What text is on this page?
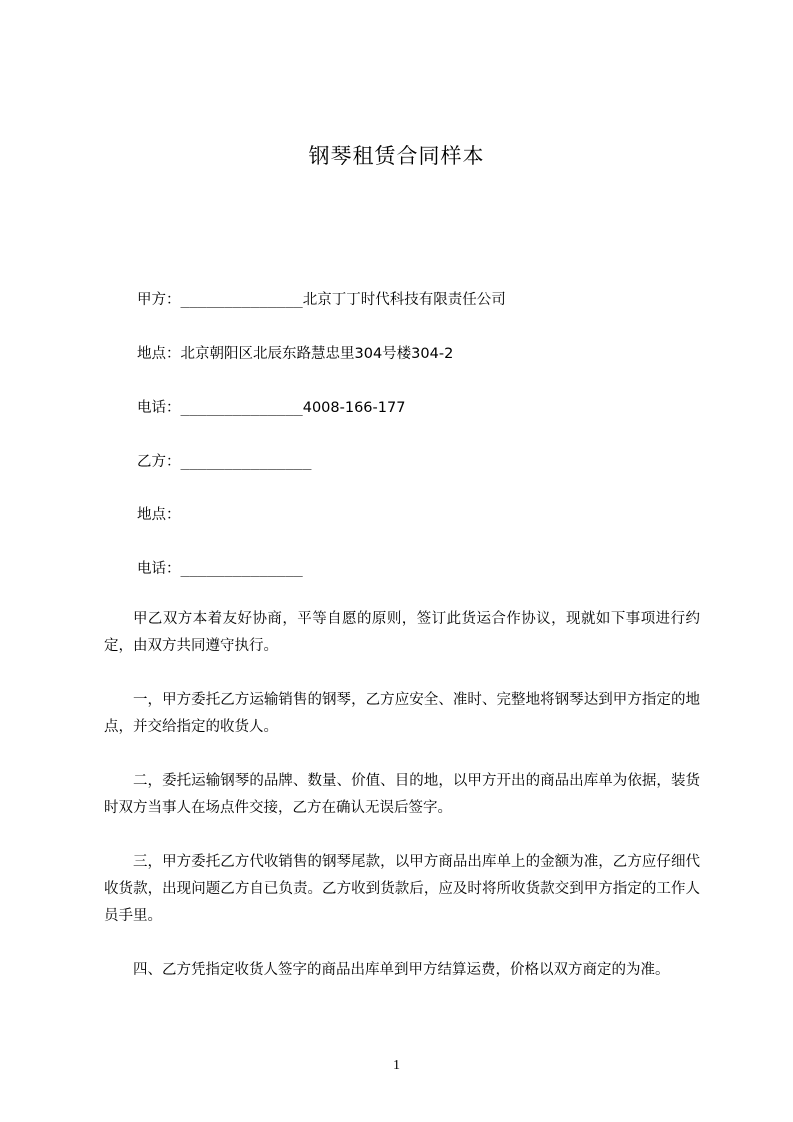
钢琴租赁合同样本
甲方：______________北京丁丁时代科技有限责任公司
地点：北京朝阳区北辰东路慧忠里304号楼304-2
电话：______________4008-166-177
乙方：_______________
地点：
电话：______________
甲乙双方本着友好协商，平等自愿的原则，签订此货运合作协议，现就如下事项进行约定，由双方共同遵守执行。
一，甲方委托乙方运输销售的钢琴，乙方应安全、准时、完整地将钢琴达到甲方指定的地点，并交给指定的收货人。
二，委托运输钢琴的品牌、数量、价值、目的地，以甲方开出的商品出库单为依据，装货时双方当事人在场点件交接，乙方在确认无误后签字。
三，甲方委托乙方代收销售的钢琴尾款，以甲方商品出库单上的金额为准，乙方应仔细代收货款，出现问题乙方自已负责。乙方收到货款后，应及时将所收货款交到甲方指定的工作人员手里。
四、乙方凭指定收货人签字的商品出库单到甲方结算运费，价格以双方商定的为准。
1
